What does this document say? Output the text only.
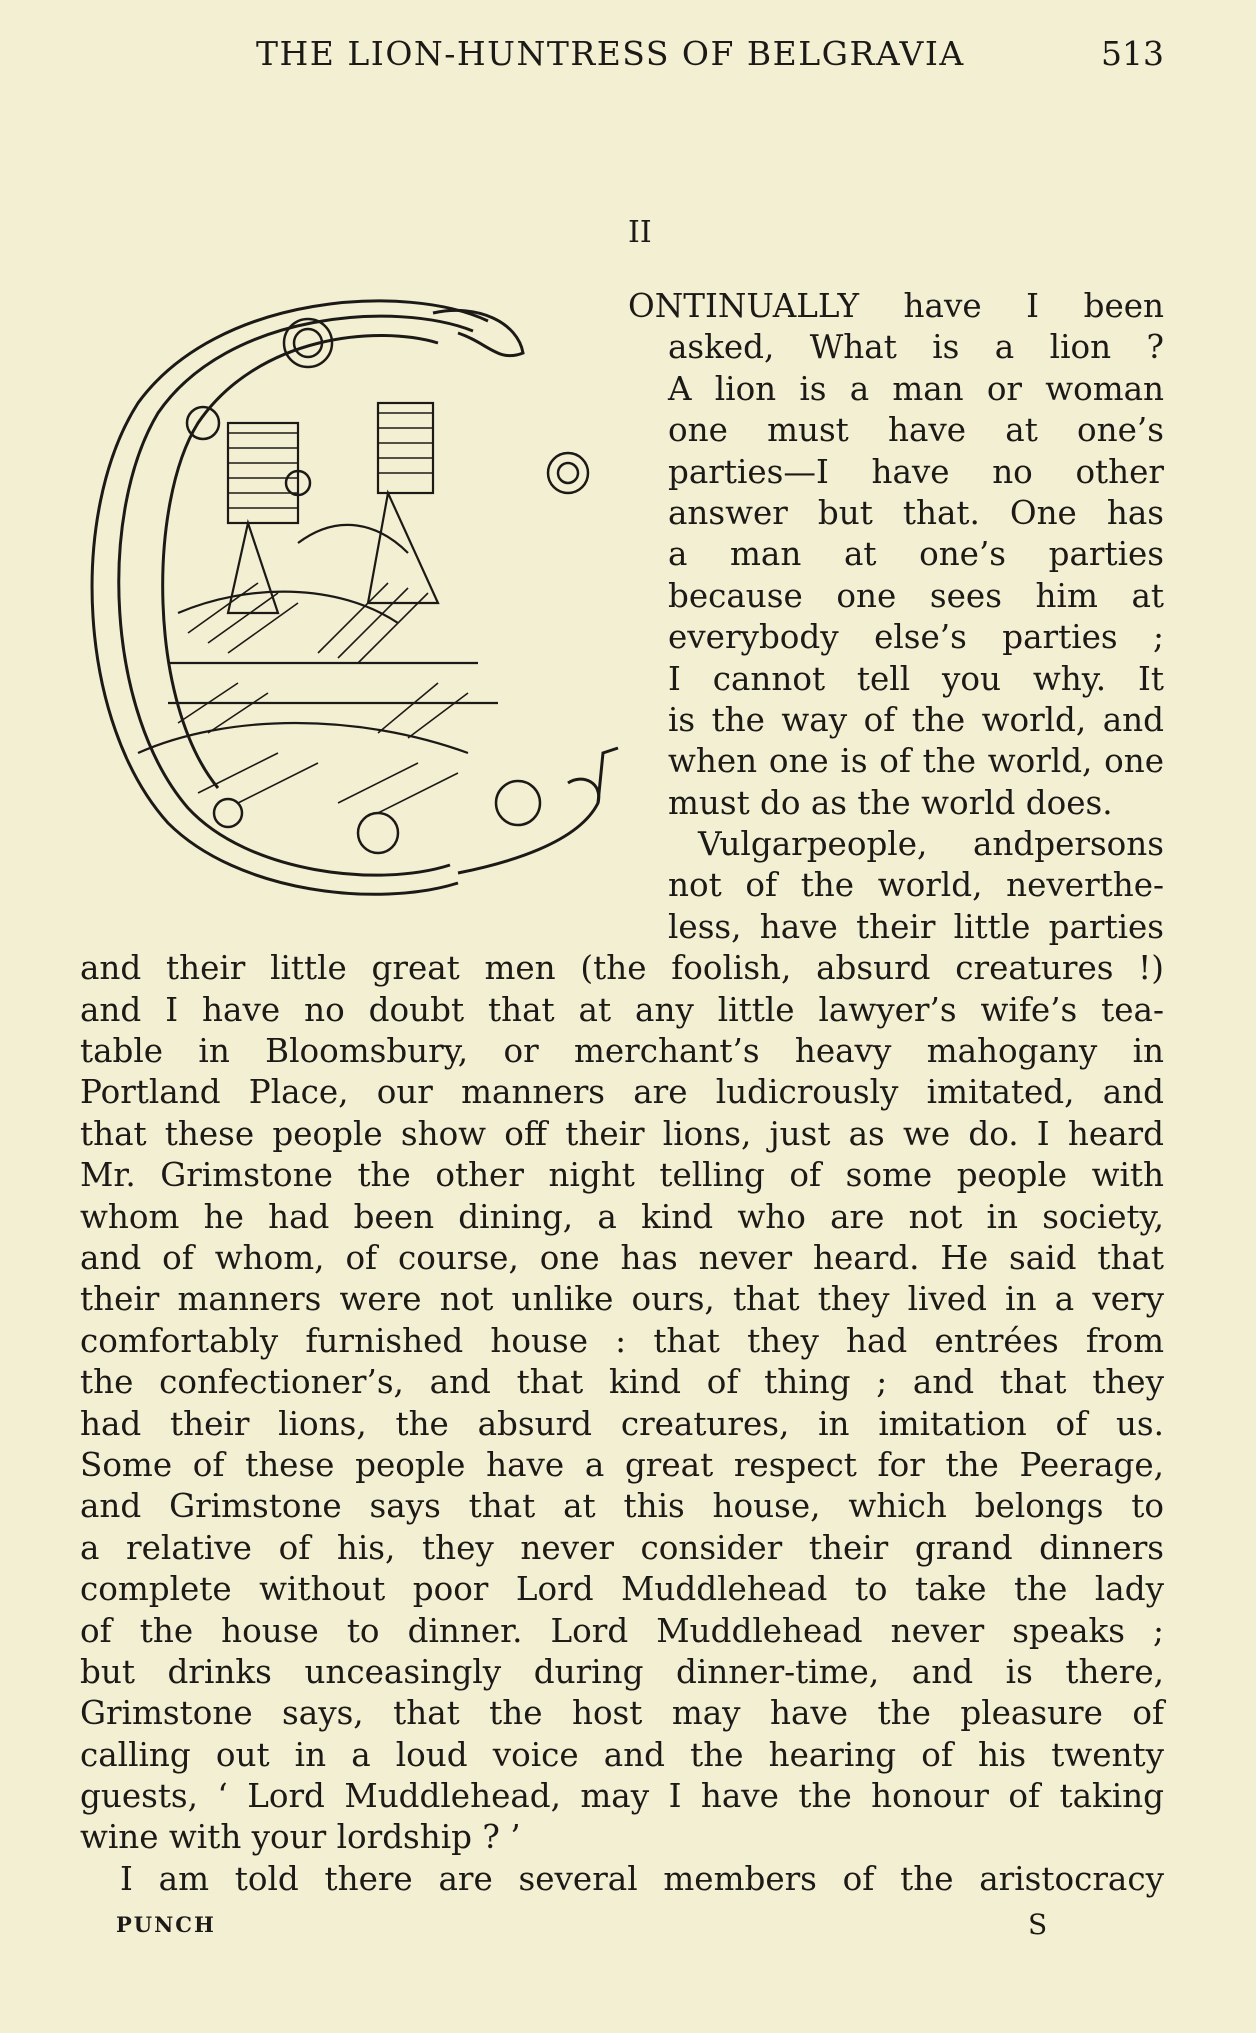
THE LION-HUNTRESS OF BELGRAVIA	513
II
ONTINUALLY have I been
asked, What is a lion ?
A lion is a man or woman
one must have at one’s
parties—I have no other
answer but that. One has
a man at one’s parties
because one sees him at
everybody else’s parties ;
I cannot tell you why. It
is the way of the world, and
when one is of the world, one
must do as the world does.
Vulgarpeople, andpersons
not of the world, neverthe-
less, have their little parties
and their little great men (the foolish, absurd creatures !)
and I have no doubt that at any little lawyer’s wife’s tea-
table in Bloomsbury, or merchant’s heavy mahogany in
Portland Place, our manners are ludicrously imitated, and
that these people show off their lions, just as we do. I heard
Mr. Grimstone the other night telling of some people with
whom he had been dining, a kind who are not in society,
and of whom, of course, one has never heard. He said that
their manners were not unlike ours, that they lived in a very
comfortably furnished house : that they had entrées from
the confectioner’s, and that kind of thing ; and that they
had their lions, the absurd creatures, in imitation of us.
Some of these people have a great respect for the Peerage,
and Grimstone says that at this house, which belongs to
a relative of his, they never consider their grand dinners
complete without poor Lord Muddlehead to take the lady
of the house to dinner. Lord Muddlehead never speaks ;
but drinks unceasingly during dinner-time, and is there,
Grimstone says, that the host may have the pleasure of
calling out in a loud voice and the hearing of his twenty
guests, ‘ Lord Muddlehead, may I have the honour of taking
wine with your lordship ? ’
I am told there are several members of the aristocracy
PUNCH	S
